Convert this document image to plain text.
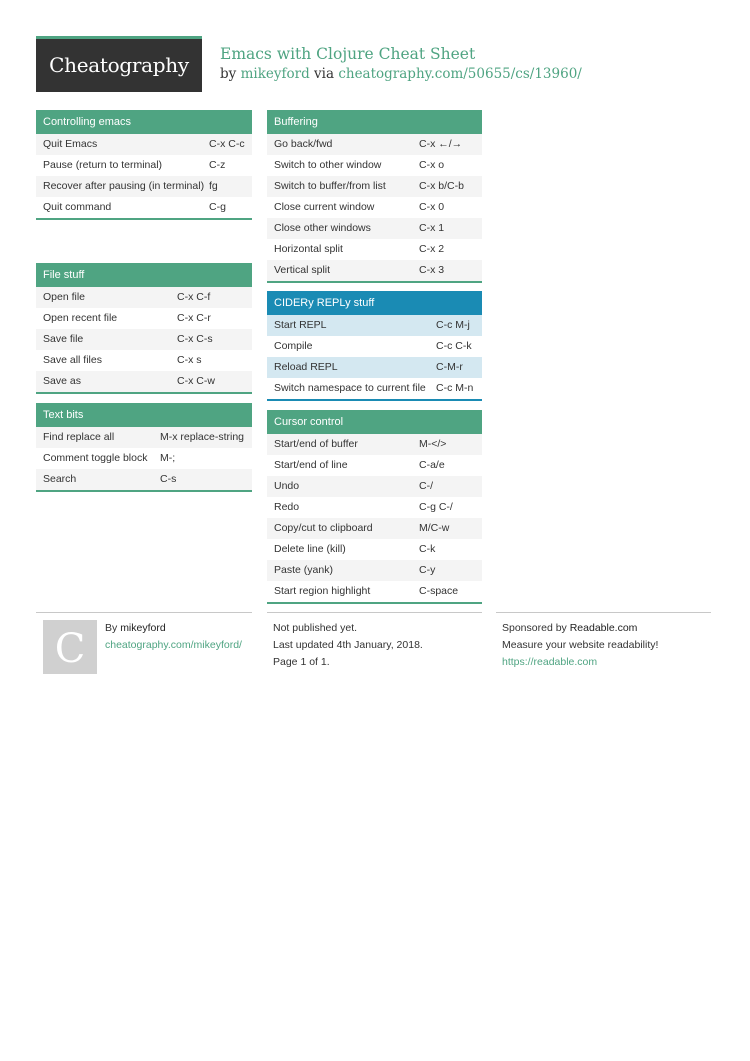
Cheatography	Emacs with Clojure Cheat Sheet
by mikeyford via cheatography.com/50655/cs/13960/
Controlling emacs
Quit Emacs	C-x C-c
Pause (return to terminal)	C-z
Recover after pausing (in terminal) fg
Quit command	C-g
File stuff
Open file	C-x C-f
Open recent file	C-x C-r
Save file	C-x C-s
Save all files	C-x s
Save as	C-x C-w
Text bits
Find replace all	M-x replace-string
Comment toggle block	M-;
Search	C-s
Buffering
Go back/fwd	C-x ←/→
Switch to other window	C-x o
Switch to buffer/from list	C-x b/C-b
Close current window	C-x 0
Close other windows	C-x 1
Horizontal split	C-x 2
Vertical split	C-x 3
CIDERy REPLy stuff
Start REPL	C-c M-j
Compile	C-c C-k
Reload REPL	C-M-r
Switch namespace to current file C-c M-n
Cursor control
Start/end of buffer	M-</>
Start/end of line	C-a/e
Undo	C-/
Redo	C-g C-/
Copy/cut to clipboard	M/C-w
Delete line (kill)	C-k
Paste (yank)	C-y
Start region highlight	C-space
C	By mikeyford
cheatography.com/mikeyford/
Not published yet.
Last updated 4th January, 2018.
Page 1 of 1.
Sponsored by Readable.com
Measure your website readability!
https://readable.com
